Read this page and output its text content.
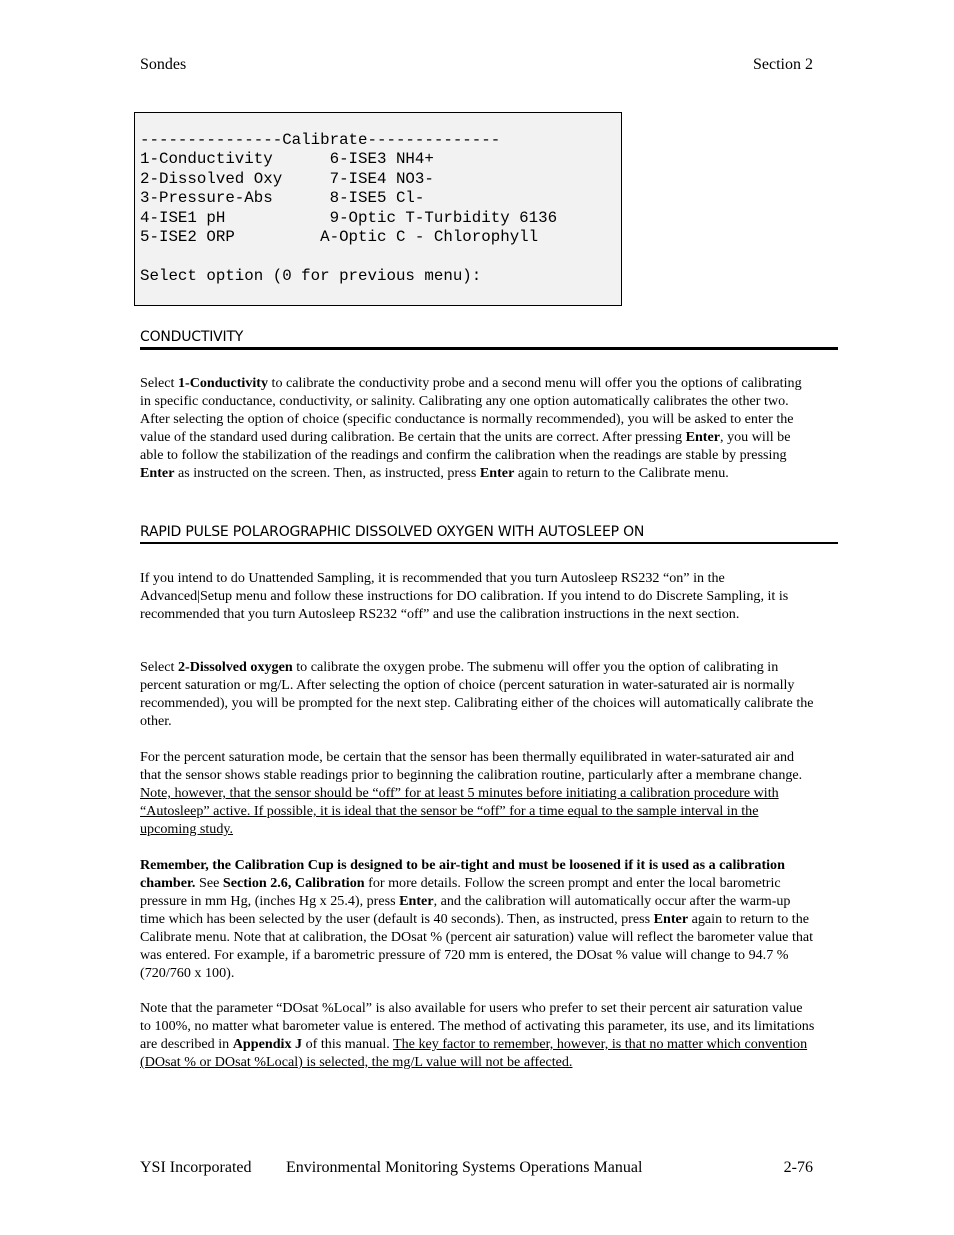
Sondes	Section 2
---------------Calibrate--------------
1-Conductivity      6-ISE3 NH4+
2-Dissolved Oxy     7-ISE4 NO3-
3-Pressure-Abs      8-ISE5 Cl-
4-ISE1 pH           9-Optic T-Turbidity 6136
5-ISE2 ORP         A-Optic C - Chlorophyll
Select option (0 for previous menu):
CONDUCTIVITY

Select 1-Conductivity to calibrate the conductivity probe and a second menu will offer you the options of calibrating in specific conductance, conductivity, or salinity. Calibrating any one option automatically calibrates the other two. After selecting the option of choice (specific conductance is normally recommended), you will be asked to enter the value of the standard used during calibration. Be certain that the units are correct. After pressing Enter, you will be able to follow the stabilization of the readings and confirm the calibration when the readings are stable by pressing Enter as instructed on the screen. Then, as instructed, press Enter again to return to the Calibrate menu.

RAPID PULSE POLAROGRAPHIC DISSOLVED OXYGEN WITH AUTOSLEEP ON

If you intend to do Unattended Sampling, it is recommended that you turn Autosleep RS232 “on” in the Advanced|Setup menu and follow these instructions for DO calibration. If you intend to do Discrete Sampling, it is recommended that you turn Autosleep RS232 “off” and use the calibration instructions in the next section.

Select 2-Dissolved oxygen to calibrate the oxygen probe. The submenu will offer you the option of calibrating in percent saturation or mg/L. After selecting the option of choice (percent saturation in water-saturated air is normally recommended), you will be prompted for the next step. Calibrating either of the choices will automatically calibrate the other.

For the percent saturation mode, be certain that the sensor has been thermally equilibrated in water-saturated air and that the sensor shows stable readings prior to beginning the calibration routine, particularly after a membrane change. Note, however, that the sensor should be “off” for at least 5 minutes before initiating a calibration procedure with “Autosleep” active. If possible, it is ideal that the sensor be “off” for a time equal to the sample interval in the upcoming study.

Remember, the Calibration Cup is designed to be air-tight and must be loosened if it is used as a calibration chamber. See Section 2.6, Calibration for more details. Follow the screen prompt and enter the local barometric pressure in mm Hg, (inches Hg x 25.4), press Enter, and the calibration will automatically occur after the warm-up time which has been selected by the user (default is 40 seconds). Then, as instructed, press Enter again to return to the Calibrate menu. Note that at calibration, the DOsat % (percent air saturation) value will reflect the barometer value that was entered. For example, if a barometric pressure of 720 mm is entered, the DOsat % value will change to 94.7 % (720/760 x 100).

Note that the parameter “DOsat %Local” is also available for users who prefer to set their percent air saturation value to 100%, no matter what barometer value is entered. The method of activating this parameter, its use, and its limitations are described in Appendix J of this manual. The key factor to remember, however, is that no matter which convention (DOsat % or DOsat %Local) is selected, the mg/L value will not be affected.

YSI Incorporated Environmental Monitoring Systems Operations Manual	2-76
